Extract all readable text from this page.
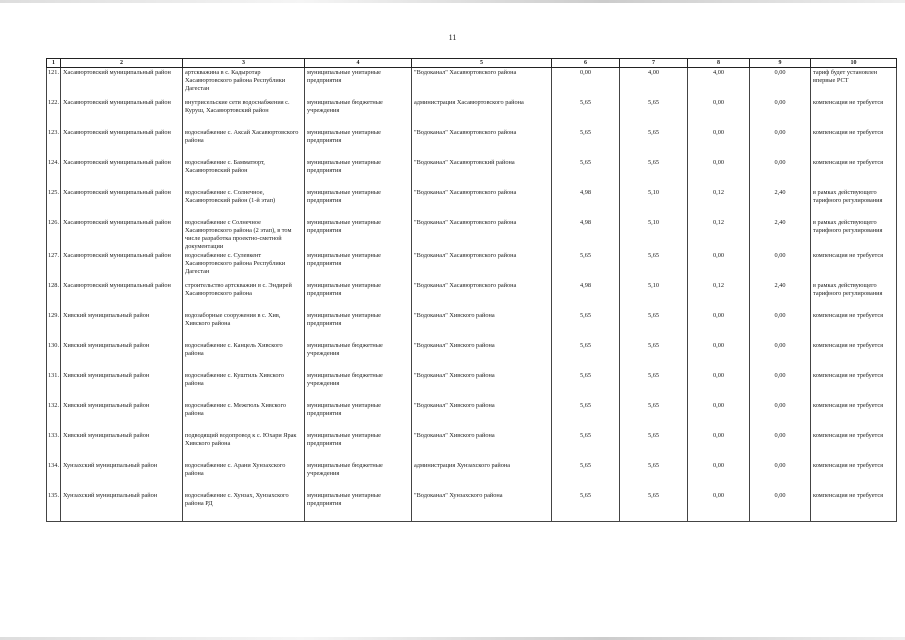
11
1	2	3	4	5	6	7	8	9	10
121.	Хасавюртовский муниципальный район	артскважина в с. Кадыротар Хасавюртовского района Республики Дагестан	муниципальные унитарные предприятия	"Водоканал" Хасавюртовского района	0,00	4,00	4,00	0,00	тариф будет установлен впервые РСТ
122.	Хасавюртовский муниципальный район	внутрисельские сети водоснабжения с. Куруш, Хасавюртовский район	муниципальные бюджетные учреждения	администрация Хасавюртовского района	5,65	5,65	0,00	0,00	компенсация не требуется
123.	Хасавюртовский муниципальный район	водоснабжение с. Аксай Хасавюртовского района	муниципальные унитарные предприятия	"Водоканал" Хасавюртовского района	5,65	5,65	0,00	0,00	компенсация не требуется
124.	Хасавюртовский муниципальный район	водоснабжение с. Бамматюрт, Хасавюртовский район	муниципальные унитарные предприятия	"Водоканал" Хасавюртовский района	5,65	5,65	0,00	0,00	компенсация не требуется
125.	Хасавюртовский муниципальный район	водоснабжение с. Солнечное, Хасавюртовский район (1-й этап)	муниципальные унитарные предприятия	"Водоканал" Хасавюртовского района	4,98	5,10	0,12	2,40	в рамках действующего тарифного регулирования
126.	Хасавюртовский муниципальный район	водоснабжение с Солнечное Хасавюртовского района (2 этап), в том числе разработка проектно-сметной документации	муниципальные унитарные предприятия	"Водоканал" Хасавюртовского района	4,98	5,10	0,12	2,40	в рамках действующего тарифного регулирования
127.	Хасавюртовский муниципальный район	водоснабжение с. Сулевкент Хасавюртовского района Республики Дагестан	муниципальные унитарные предприятия	"Водоканал" Хасавюртовского района	5,65	5,65	0,00	0,00	компенсация не требуется
128.	Хасавюртовский муниципальный район	строительство артскважин в с. Эндирей Хасавюртовского района	муниципальные унитарные предприятия	"Водоканал" Хасавюртовского района	4,98	5,10	0,12	2,40	в рамках действующего тарифного регулирования
129.	Хивский муниципальный район	водозаборные сооружения в с. Хив, Хивского района	муниципальные унитарные предприятия	"Водоканал" Хивского района	5,65	5,65	0,00	0,00	компенсация не требуется
130.	Хивский муниципальный район	водоснабжение с. Канцель Хивского района	муниципальные бюджетные учреждения	"Водоканал" Хивского района	5,65	5,65	0,00	0,00	компенсация не требуется
131.	Хивский муниципальный район	водоснабжение с. Куштиль Хивского района	муниципальные бюджетные учреждения	"Водоканал" Хивского района	5,65	5,65	0,00	0,00	компенсация не требуется
132.	Хивский муниципальный район	водоснабжение с. Межгюль Хивского района	муниципальные унитарные предприятия	"Водоканал" Хивского района	5,65	5,65	0,00	0,00	компенсация не требуется
133.	Хивский муниципальный район	подводящий водопровод к с. Юхари Ярак Хивского района	муниципальные унитарные предприятия	"Водоканал" Хивского района	5,65	5,65	0,00	0,00	компенсация не требуется
134.	Хунзахский муниципальный район	водоснабжение с. Арани Хунзахского района	муниципальные бюджетные учреждения	администрация Хунзахского района	5,65	5,65	0,00	0,00	компенсация не требуется
135.	Хунзахский муниципальный район	водоснабжение с. Хунзах, Хунзахского района РД	муниципальные унитарные предприятия	"Водоканал" Хунзахского района	5,65	5,65	0,00	0,00	компенсация не требуется
